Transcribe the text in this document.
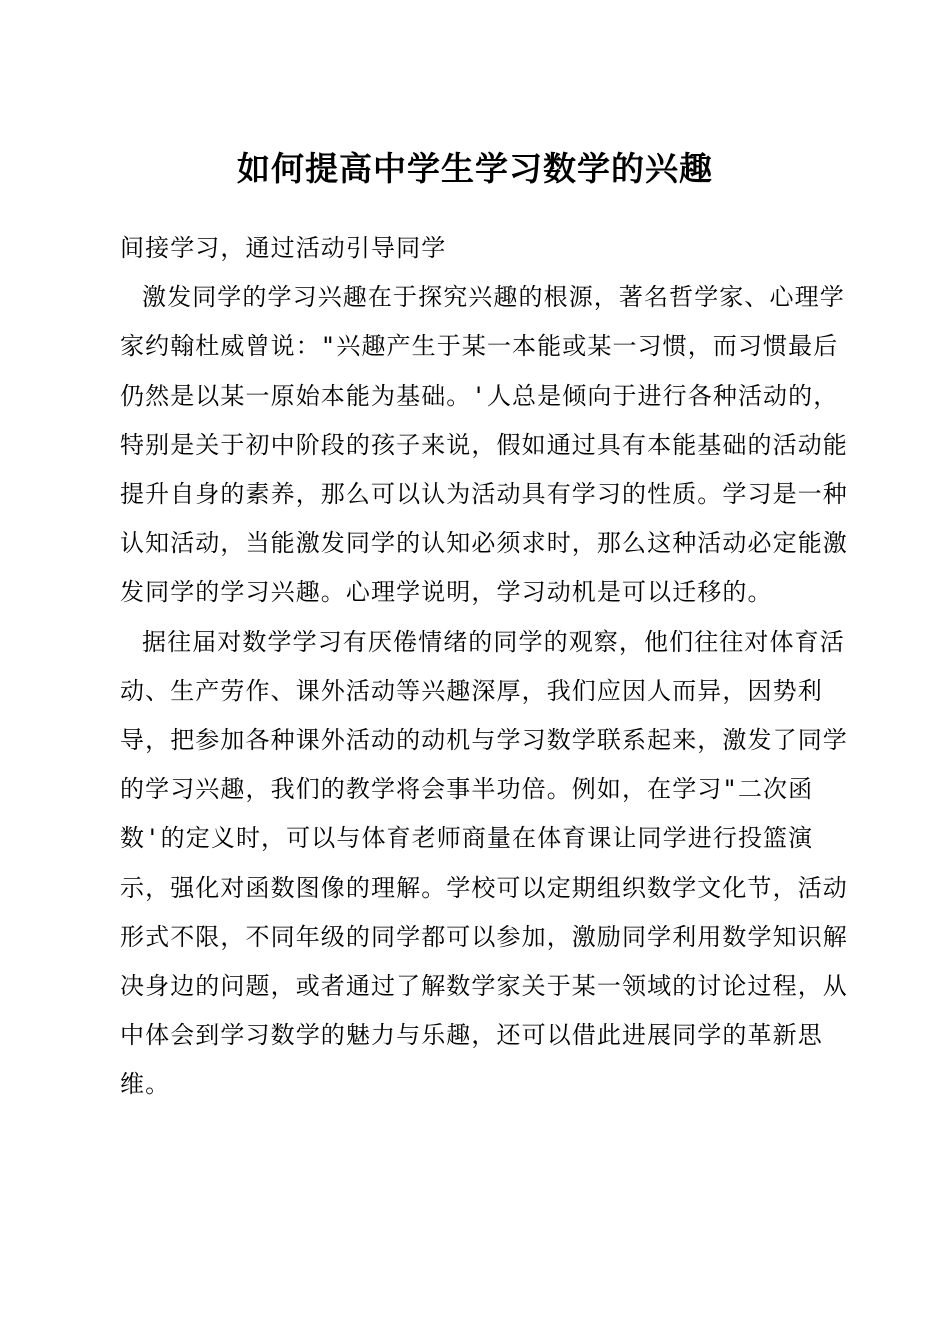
如何提高中学生学习数学的兴趣

间接学习，通过活动引导同学

激发同学的学习兴趣在于探究兴趣的根源，著名哲学家、心理学家约翰杜威曾说："兴趣产生于某一本能或某一习惯，而习惯最后仍然是以某一原始本能为基础。'人总是倾向于进行各种活动的，特别是关于初中阶段的孩子来说，假如通过具有本能基础的活动能提升自身的素养，那么可以认为活动具有学习的性质。学习是一种认知活动，当能激发同学的认知必须求时，那么这种活动必定能激发同学的学习兴趣。心理学说明，学习动机是可以迁移的。

据往届对数学学习有厌倦情绪的同学的观察，他们往往对体育活动、生产劳作、课外活动等兴趣深厚，我们应因人而异，因势利导，把参加各种课外活动的动机与学习数学联系起来，激发了同学的学习兴趣，我们的教学将会事半功倍。例如，在学习"二次函数'的定义时，可以与体育老师商量在体育课让同学进行投篮演示，强化对函数图像的理解。学校可以定期组织数学文化节，活动形式不限，不同年级的同学都可以参加，激励同学利用数学知识解决身边的问题，或者通过了解数学家关于某一领域的讨论过程，从中体会到学习数学的魅力与乐趣，还可以借此进展同学的革新思维。
